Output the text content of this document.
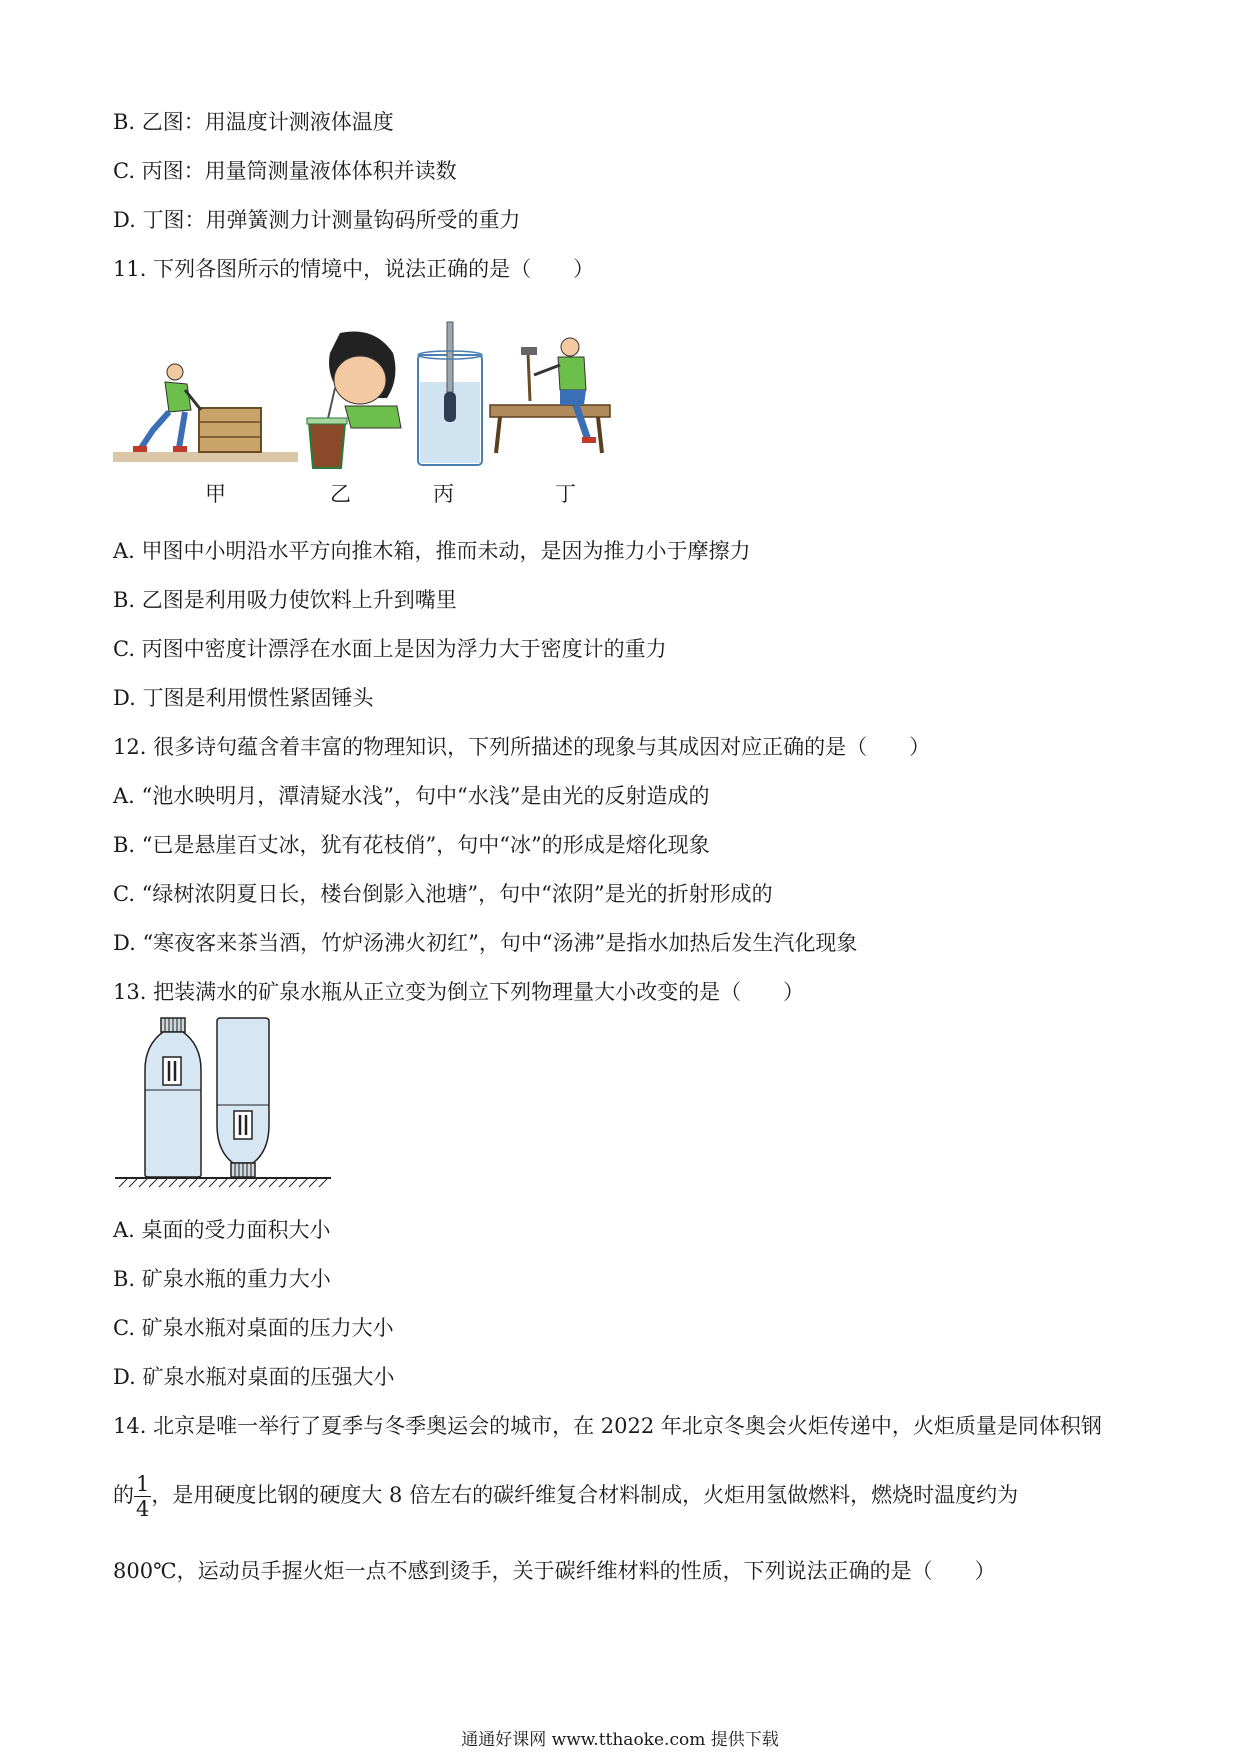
B. 乙图：用温度计测液体温度
C. 丙图：用量筒测量液体体积并读数
D. 丁图：用弹簧测力计测量钩码所受的重力
11. 下列各图所示的情境中，说法正确的是（　　）
甲	乙	丙	丁
A. 甲图中小明沿水平方向推木箱，推而未动，是因为推力小于摩擦力
B. 乙图是利用吸力使饮料上升到嘴里
C. 丙图中密度计漂浮在水面上是因为浮力大于密度计的重力
D. 丁图是利用惯性紧固锤头
12. 很多诗句蕴含着丰富的物理知识，下列所描述的现象与其成因对应正确的是（　　）
A. “池水映明月，潭清疑水浅”，句中“水浅”是由光的反射造成的
B. “已是悬崖百丈冰，犹有花枝俏”，句中“冰”的形成是熔化现象
C. “绿树浓阴夏日长，楼台倒影入池塘”，句中“浓阴”是光的折射形成的
D. “寒夜客来茶当酒，竹炉汤沸火初红”，句中“汤沸”是指水加热后发生汽化现象
13. 把装满水的矿泉水瓶从正立变为倒立下列物理量大小改变的是（　　）
A. 桌面的受力面积大小
B. 矿泉水瓶的重力大小
C. 矿泉水瓶对桌面的压力大小
D. 矿泉水瓶对桌面的压强大小
14. 北京是唯一举行了夏季与冬季奥运会的城市，在 2022 年北京冬奥会火炬传递中，火炬质量是同体积钢
的 $\frac{1}{4}$ ，是用硬度比钢的硬度大 8 倍左右的碳纤维复合材料制成，火炬用氢做燃料，燃烧时温度约为
800℃，运动员手握火炬一点不感到烫手，关于碳纤维材料的性质，下列说法正确的是（　　）
通通好课网 www.tthaoke.com 提供下载
